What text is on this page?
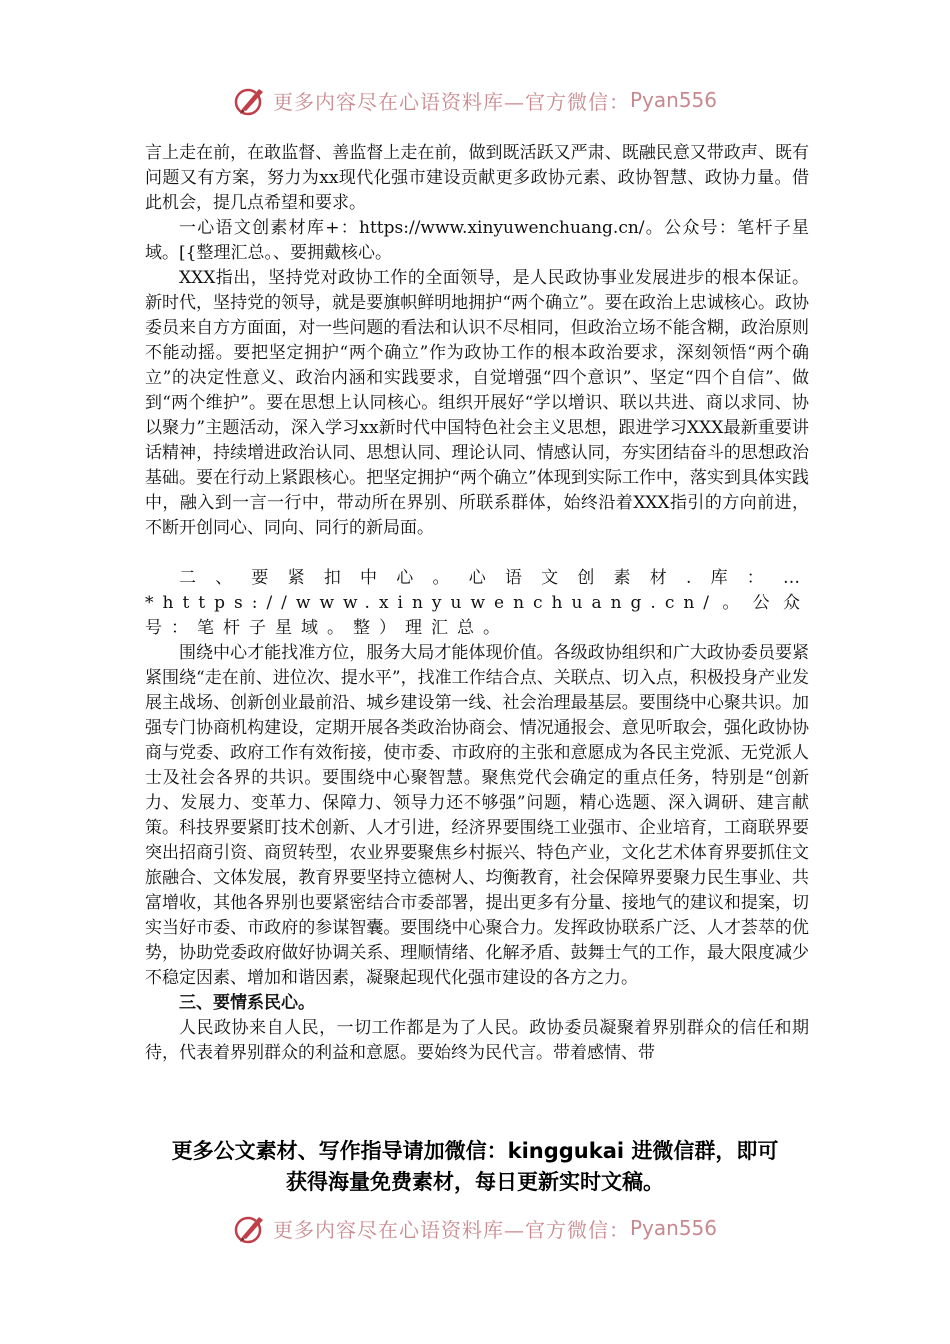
更多内容尽在心语资料库—官方微信： Pyan556

言上走在前，在敢监督、善监督上走在前，做到既活跃又严肃、既融民意又带政声、既有问题又有方案，努力为xx现代化强市建设贡献更多政协元素、政协智慧、政协力量。借此机会，提几点希望和要求。

一心语文创素材库+：https://www.xinyuwenchuang.cn/。公众号：笔杆子星域。[{整理汇总。、要拥戴核心。

XXX指出，坚持党对政协工作的全面领导，是人民政协事业发展进步的根本保证。新时代，坚持党的领导，就是要旗帜鲜明地拥护“两个确立”。要在政治上忠诚核心。政协委员来自方方面面，对一些问题的看法和认识不尽相同，但政治立场不能含糊，政治原则不能动摇。要把坚定拥护“两个确立”作为政协工作的根本政治要求，深刻领悟“两个确立”的决定性意义、政治内涵和实践要求，自觉增强“四个意识”、坚定“四个自信”、做到“两个维护”。要在思想上认同核心。组织开展好“学以增识、联以共进、商以求同、协以聚力”主题活动，深入学习xx新时代中国特色社会主义思想，跟进学习XXX最新重要讲话精神，持续增进政治认同、思想认同、理论认同、情感认同，夯实团结奋斗的思想政治基础。要在行动上紧跟核心。把坚定拥护“两个确立”体现到实际工作中，落实到具体实践中，融入到一言一行中，带动所在界别、所联系群体，始终沿着XXX指引的方向前进，不断开创同心、同向、同行的新局面。

二、要紧扣中心。心语文创素材.库：…*https://www.xinyuwenchuang.cn/。公众号：笔杆子星域。整）理汇总。

围绕中心才能找准方位，服务大局才能体现价值。各级政协组织和广大政协委员要紧紧围绕“走在前、进位次、提水平”，找准工作结合点、关联点、切入点，积极投身产业发展主战场、创新创业最前沿、城乡建设第一线、社会治理最基层。要围绕中心聚共识。加强专门协商机构建设，定期开展各类政治协商会、情况通报会、意见听取会，强化政协协商与党委、政府工作有效衔接，使市委、市政府的主张和意愿成为各民主党派、无党派人士及社会各界的共识。要围绕中心聚智慧。聚焦党代会确定的重点任务，特别是“创新力、发展力、变革力、保障力、领导力还不够强”问题，精心选题、深入调研、建言献策。科技界要紧盯技术创新、人才引进，经济界要围绕工业强市、企业培育，工商联界要突出招商引资、商贸转型，农业界要聚焦乡村振兴、特色产业，文化艺术体育界要抓住文旅融合、文体发展，教育界要坚持立德树人、均衡教育，社会保障界要聚力民生事业、共富增收，其他各界别也要紧密结合市委部署，提出更多有分量、接地气的建议和提案，切实当好市委、市政府的参谋智囊。要围绕中心聚合力。发挥政协联系广泛、人才荟萃的优势，协助党委政府做好协调关系、理顺情绪、化解矛盾、鼓舞士气的工作，最大限度减少不稳定因素、增加和谐因素，凝聚起现代化强市建设的各方之力。

三、要情系民心。

人民政协来自人民，一切工作都是为了人民。政协委员凝聚着界别群众的信任和期待，代表着界别群众的利益和意愿。要始终为民代言。带着感情、带

更多公文素材、写作指导请加微信：kinggukai 进微信群，即可
获得海量免费素材，每日更新实时文稿。
更多内容尽在心语资料库—官方微信： Pyan556
